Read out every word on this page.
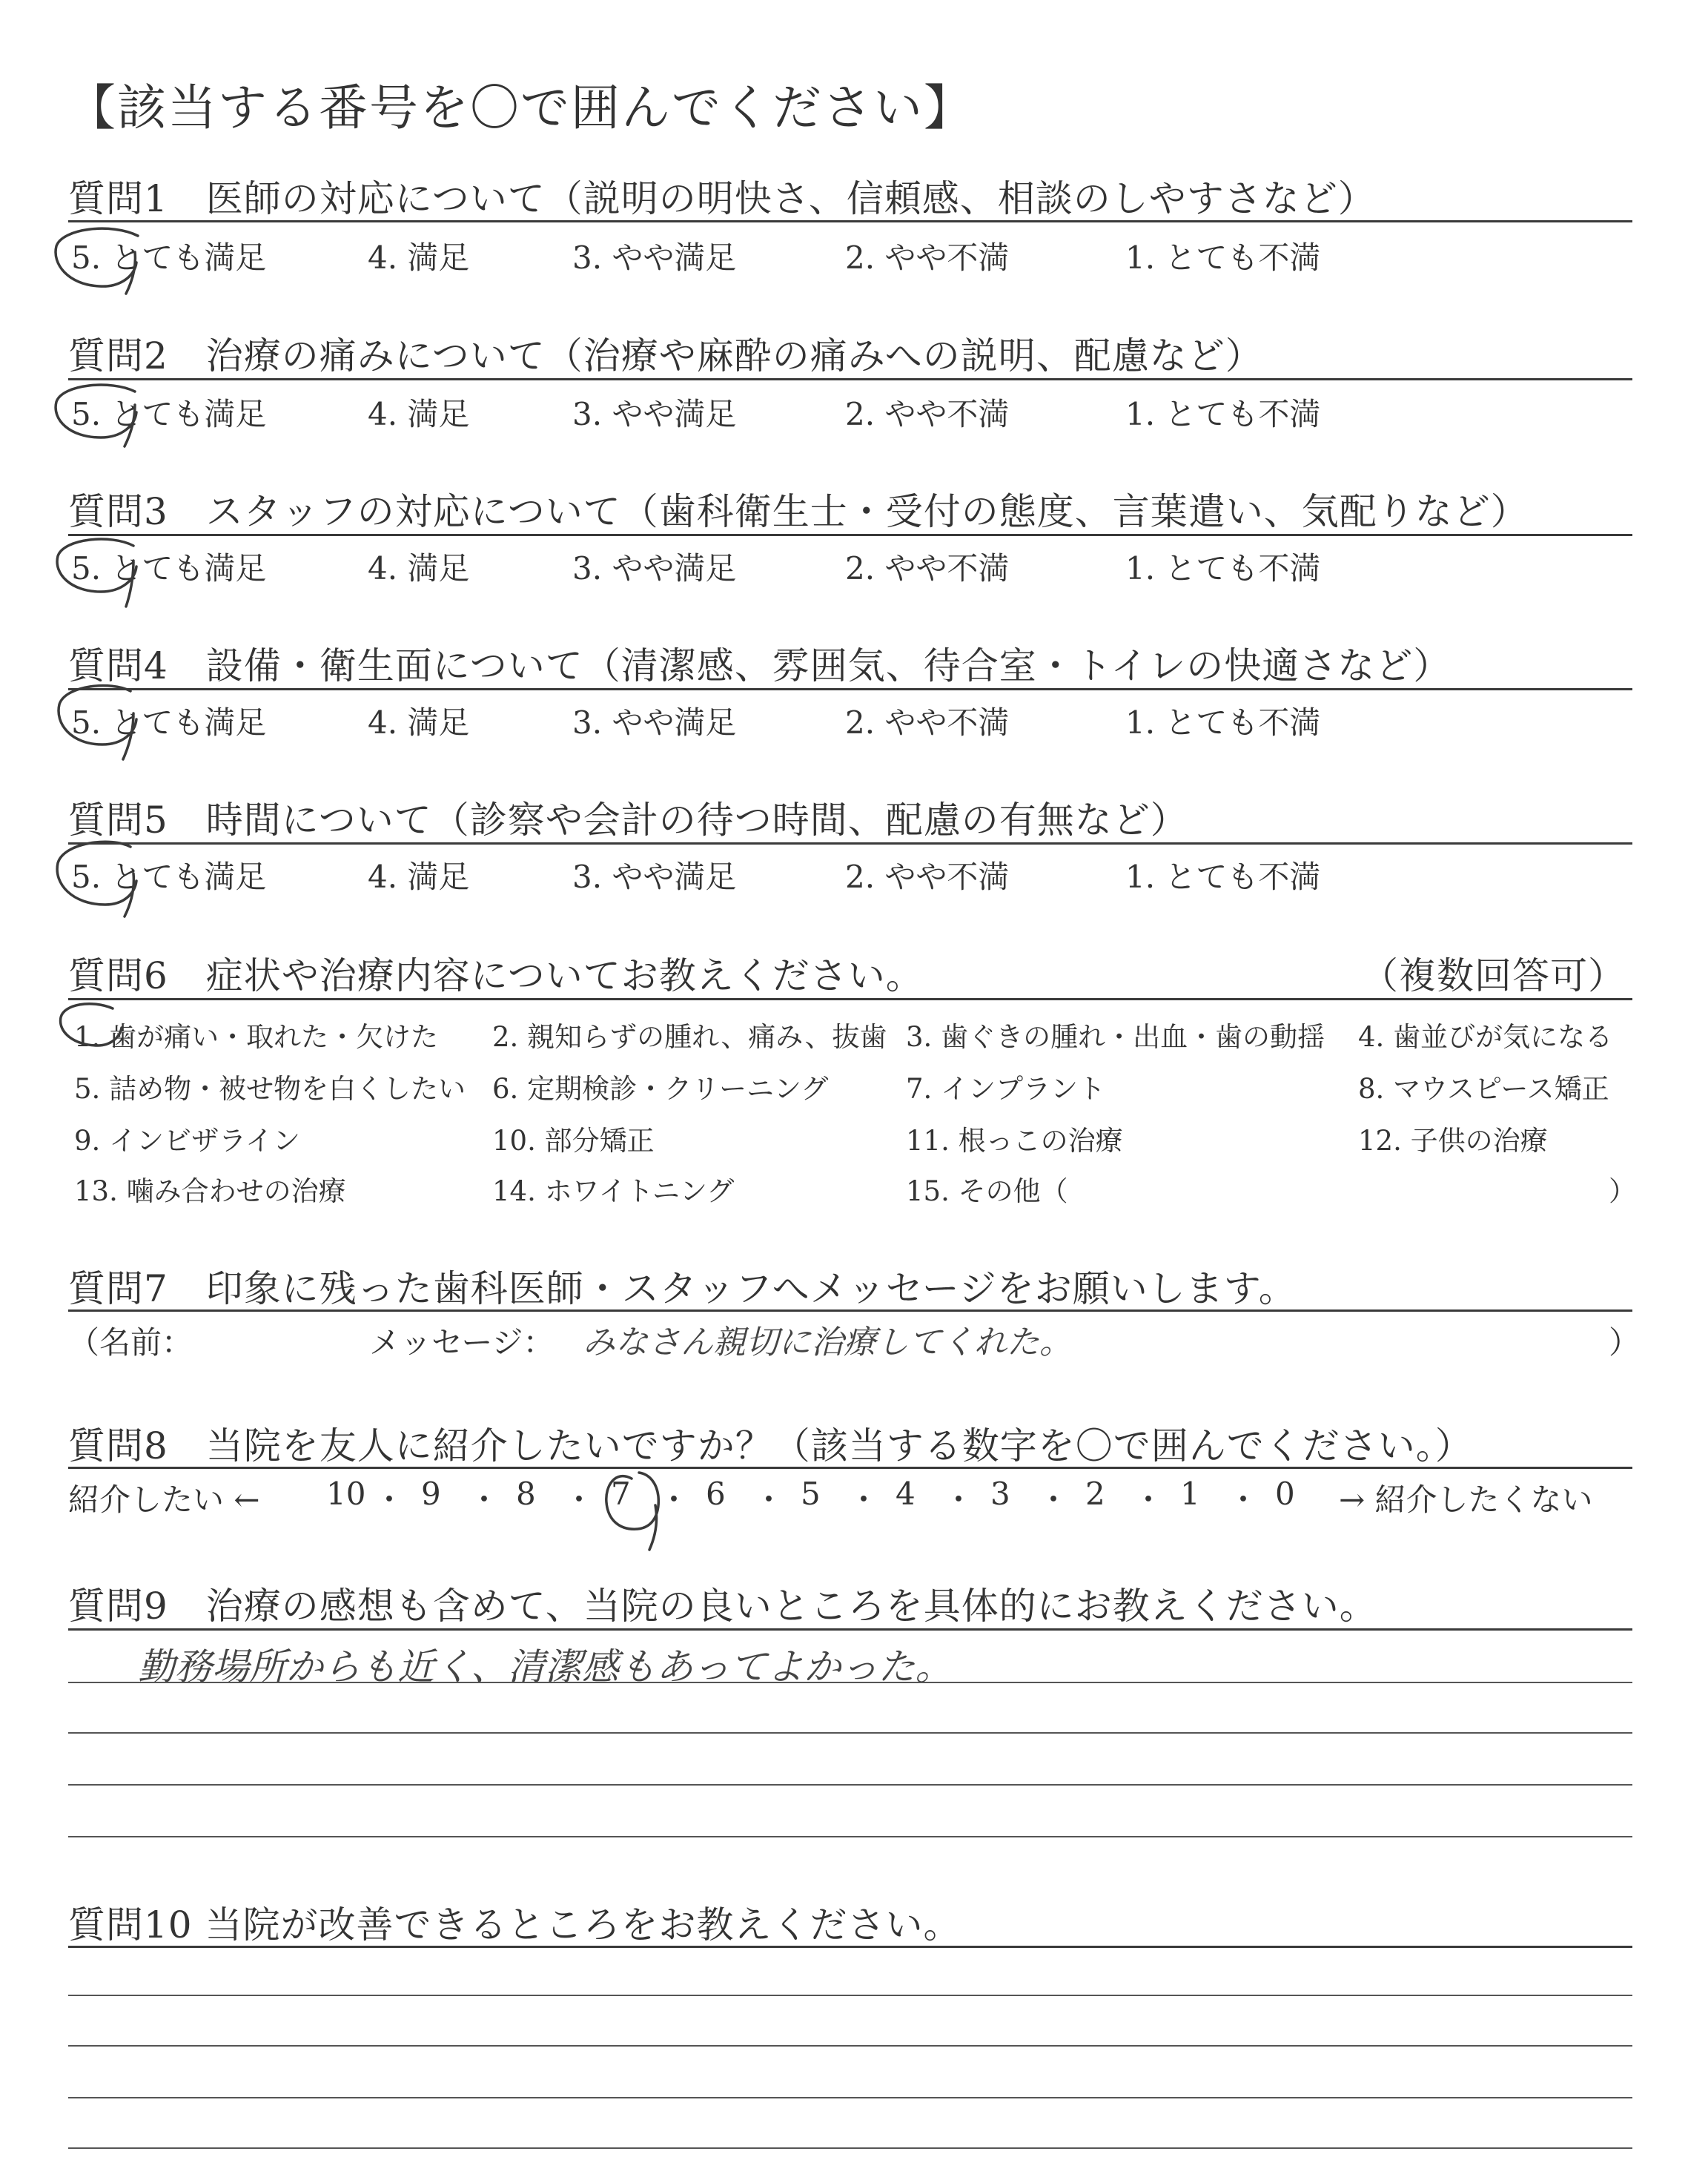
【該当する番号を〇で囲んでください】
質問1　医師の対応について（説明の明快さ、信頼感、相談のしやすさなど）
5. とても満足	4. 満足	3. やや満足	2. やや不満	1. とても不満
質問2　治療の痛みについて（治療や麻酔の痛みへの説明、配慮など）
5. とても満足	4. 満足	3. やや満足	2. やや不満	1. とても不満
質問3　スタッフの対応について（歯科衛生士・受付の態度、言葉遣い、気配りなど）
5. とても満足	4. 満足	3. やや満足	2. やや不満	1. とても不満
質問4　設備・衛生面について（清潔感、雰囲気、待合室・トイレの快適さなど）
5. とても満足	4. 満足	3. やや満足	2. やや不満	1. とても不満
質問5　時間について（診察や会計の待つ時間、配慮の有無など）
5. とても満足	4. 満足	3. やや満足	2. やや不満	1. とても不満
質問6　症状や治療内容についてお教えください。	（複数回答可）
1. 歯が痛い・取れた・欠けた 2. 親知らずの腫れ、痛み、抜歯 3. 歯ぐきの腫れ・出血・歯の動揺 4. 歯並びが気になる
5. 詰め物・被せ物を白くしたい 6. 定期検診・クリーニング	7. インプラント	8. マウスピース矯正
9. インビザライン	10. 部分矯正	11. 根っこの治療	12. 子供の治療
13. 噛み合わせの治療	14. ホワイトニング	15. その他（	）
質問7　印象に残った歯科医師・スタッフへメッセージをお願いします。
（名前：	メッセージ： みなさん親切に治療してくれた。	）
質問8　当院を友人に紹介したいですか？（該当する数字を〇で囲んでください。）
紹介したい ← 10 ・ 9 ・ 8 ・ 7 ・ 6 ・ 5 ・ 4 ・ 3 ・ 2 ・ 1 ・ 0 → 紹介したくない
質問9　治療の感想も含めて、当院の良いところを具体的にお教えください。
勤務場所からも近く、清潔感もあってよかった。
質問10 当院が改善できるところをお教えください。
